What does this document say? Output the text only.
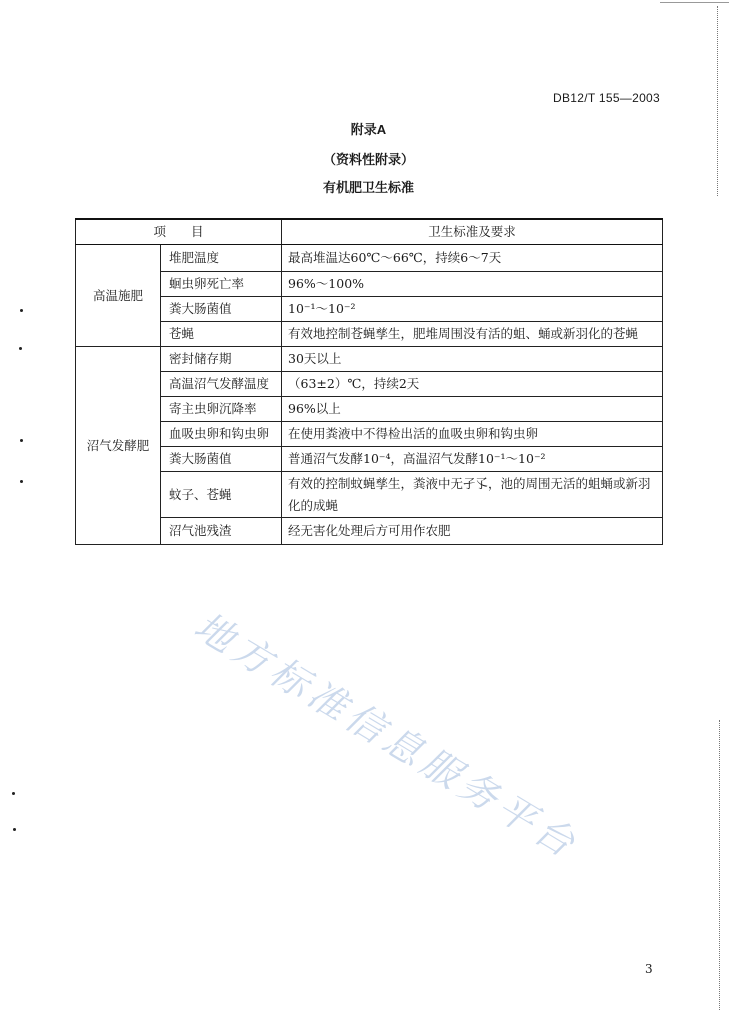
DB12/T 155—2003
附录A
（资料性附录）
有机肥卫生标准
项　　目		卫生标准及要求
高温施肥	堆肥温度	最高堆温达60℃～66℃，持续6～7天
	蛔虫卵死亡率	96%～100%
	粪大肠菌值	10⁻¹～10⁻²
	苍蝇	有效地控制苍蝇孳生，肥堆周围没有活的蛆、蛹或新羽化的苍蝇
沼气发酵肥	密封储存期	30天以上
	高温沼气发酵温度	（63±2）℃，持续2天
	寄主虫卵沉降率	96%以上
	血吸虫卵和钩虫卵	在使用粪液中不得检出活的血吸虫卵和钩虫卵
	粪大肠菌值	普通沼气发酵10⁻⁴，高温沼气发酵10⁻¹～10⁻²
	蚊子、苍蝇	有效的控制蚊蝇孳生，粪液中无孑孓，池的周围无活的蛆蛹或新羽化的成蝇
	沼气池残渣	经无害化处理后方可用作农肥
地方标准信息服务平台
3
